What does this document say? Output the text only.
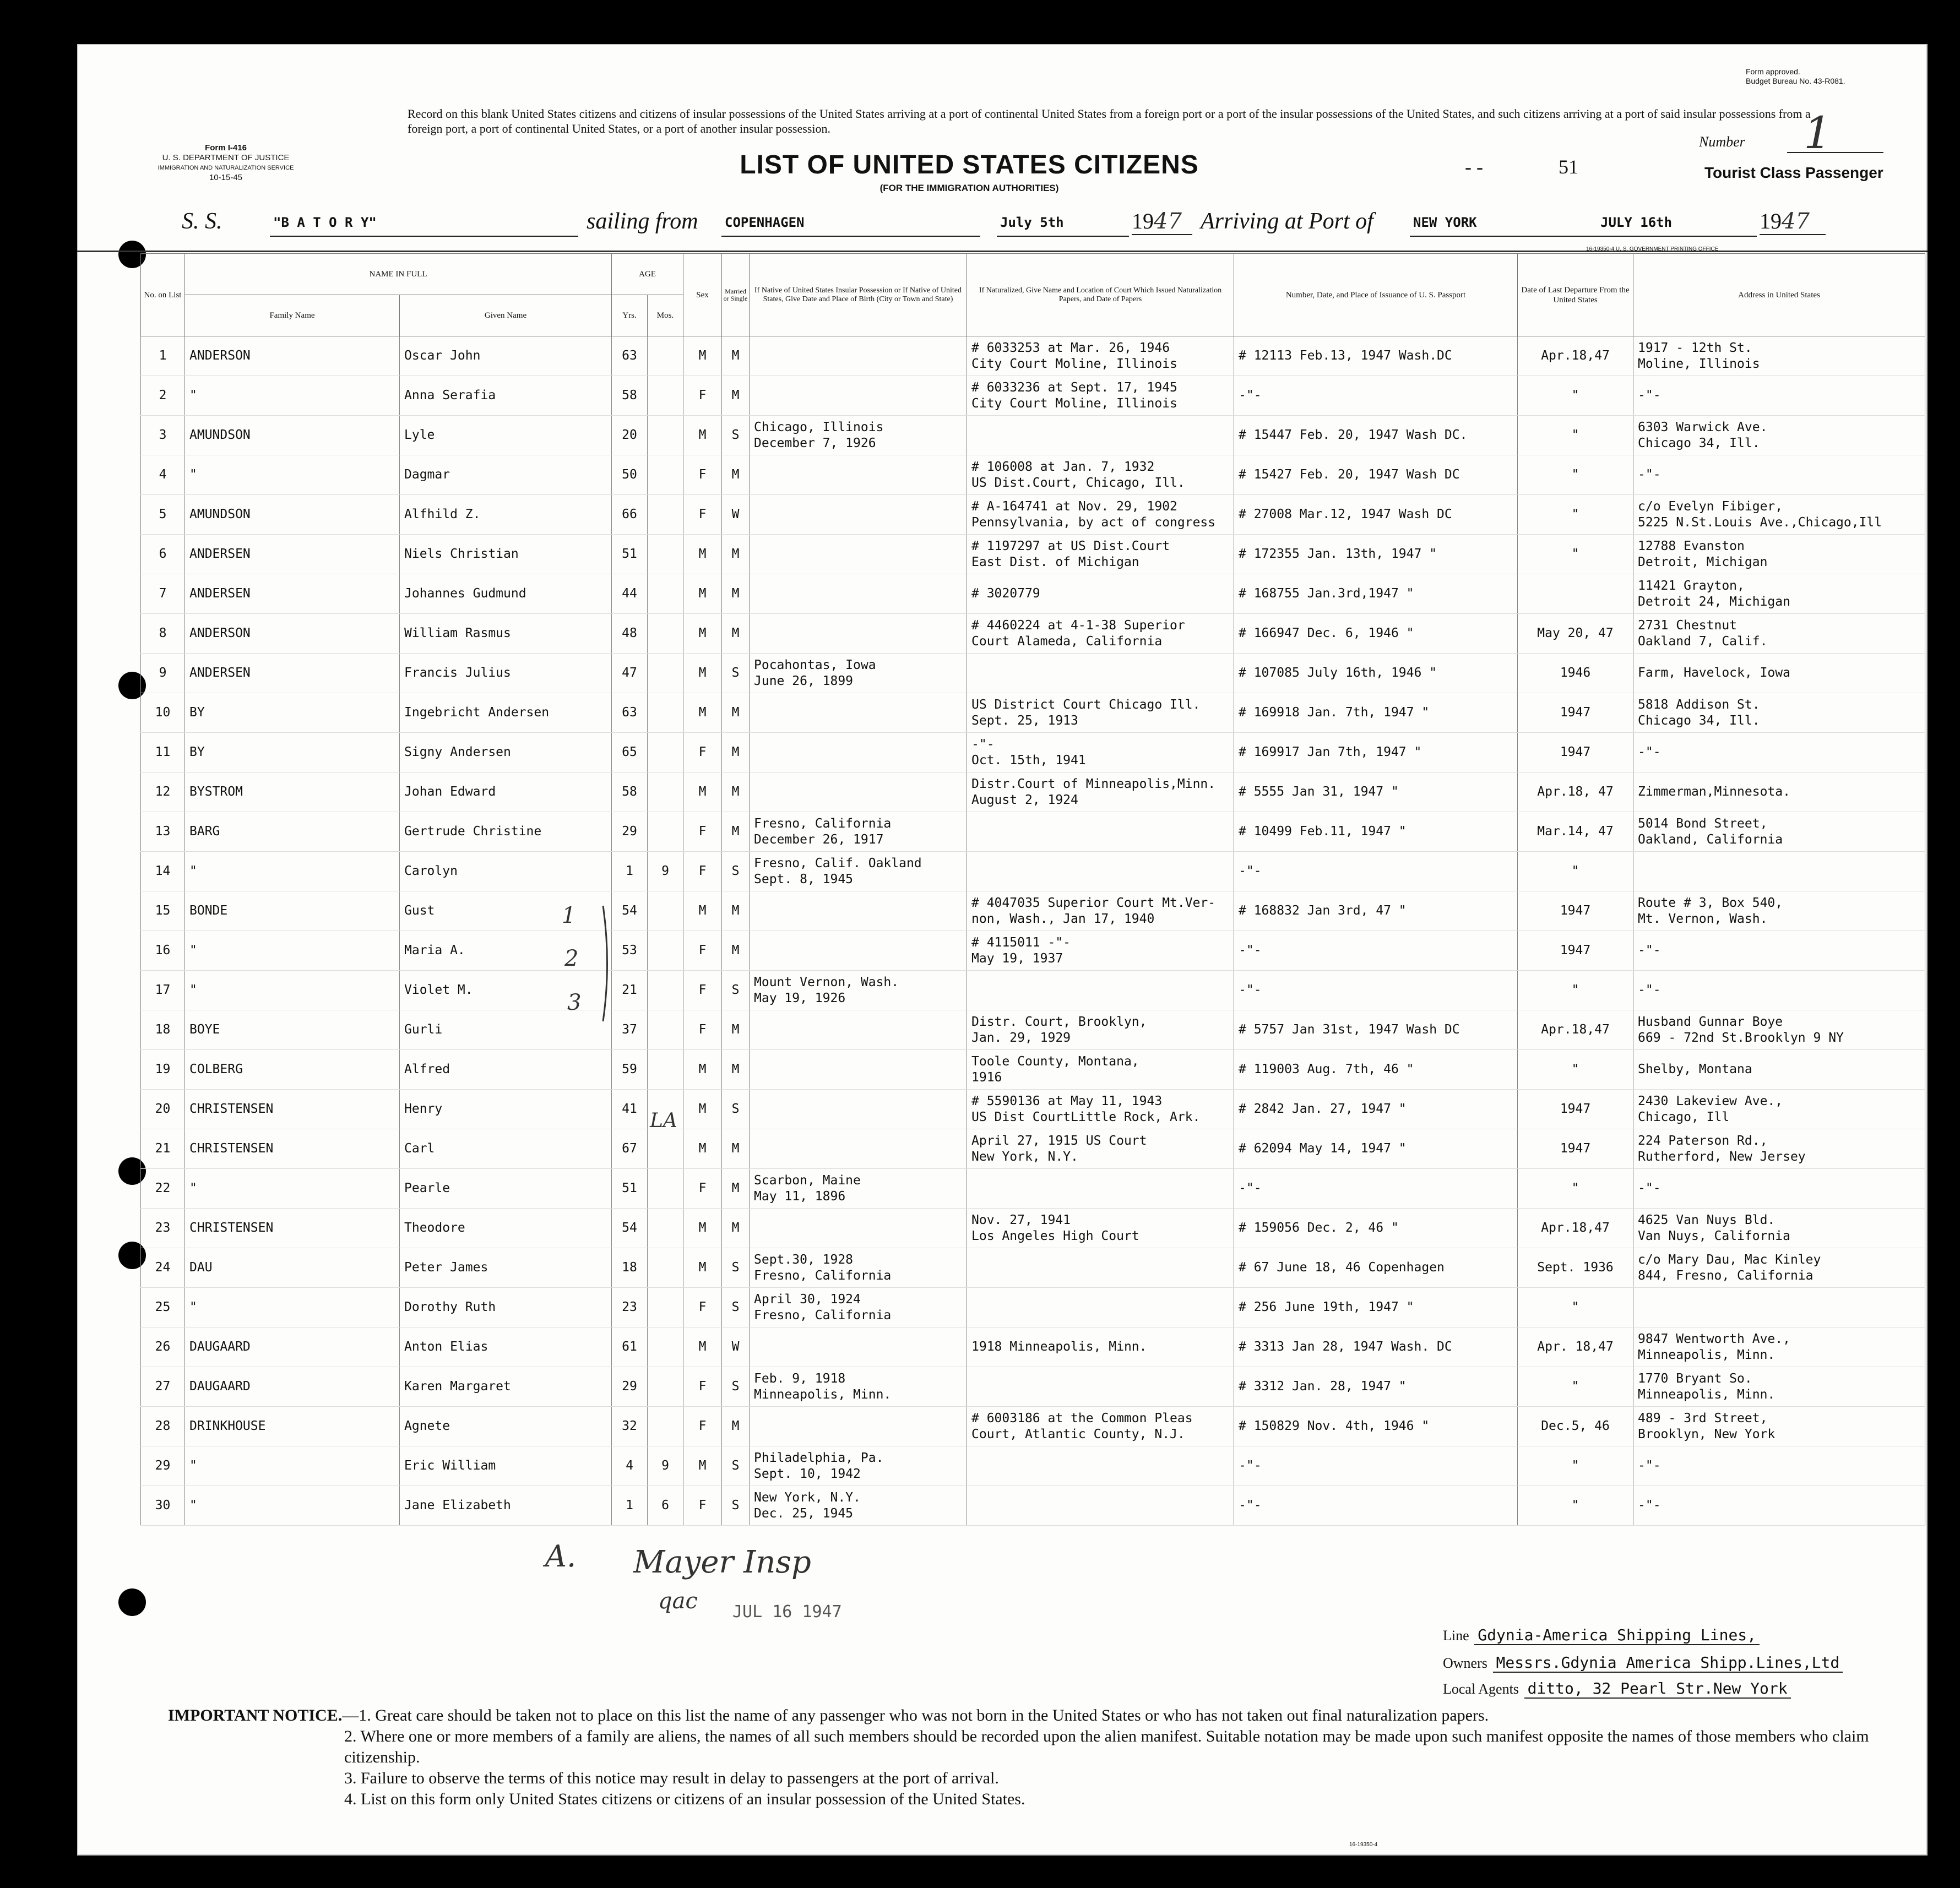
Form I-416
U. S. DEPARTMENT OF JUSTICE
IMMIGRATION AND NATURALIZATION SERVICE
10-15-45
Form approved.
Budget Bureau No. 43-R081.
Record on this blank United States citizens and citizens of insular possessions of the United States arriving at a port of continental United States from a foreign port or a port of the insular possessions of the United States, and such citizens arriving at a port of said insular possessions from a foreign port, a port of continental United States, or a port of another insular possession.
LIST OF UNITED STATES CITIZENS
(FOR THE IMMIGRATION AUTHORITIES)
Number 1
Tourist Class Passenger
- -	51
S. S.	"B A T O R Y"	sailing from COPENHAGEN	July 5th	1947 Arriving at Port of	NEW YORK	JULY 16th	1947
16-19350-4 U. S. GOVERNMENT PRINTING OFFICE
No. on List	NAME IN FULL		AGE		Sex	Married or Single	If Native of United States Insular Possession or If Native of United States, Give Date and Place of Birth (City or Town and State)	If Naturalized, Give Name and Location of Court Which Issued Naturalization Papers, and Date of Papers	Number, Date, and Place of Issuance of U. S. Passport	Date of Last Departure From the United States	Address in United States
	Family Name	Given Name	Yrs.	Mos.							
1	ANDERSON	Oscar John	63		M	M		# 6033253 at Mar. 26, 1946
City Court Moline, Illinois	# 12113 Feb.13, 1947 Wash.DC	Apr.18,47	1917 - 12th St.
Moline, Illinois
2	"	Anna Serafia	58		F	M		# 6033236 at Sept. 17, 1945
City Court Moline, Illinois	-"-	"	-"-
3	AMUNDSON	Lyle	20		M	S	Chicago, Illinois
December 7, 1926		# 15447 Feb. 20, 1947 Wash DC.	"	6303 Warwick Ave.
Chicago 34, Ill.
4	"	Dagmar	50		F	M		# 106008 at Jan. 7, 1932
US Dist.Court, Chicago, Ill.	# 15427 Feb. 20, 1947 Wash DC	"	-"-
5	AMUNDSON	Alfhild Z.	66		F	W		# A-164741 at Nov. 29, 1902
Pennsylvania, by act of congress	# 27008 Mar.12, 1947 Wash DC	"	c/o Evelyn Fibiger,
5225 N.St.Louis Ave.,Chicago,Ill
6	ANDERSEN	Niels Christian	51		M	M		# 1197297 at US Dist.Court
East Dist. of Michigan	# 172355 Jan. 13th, 1947 "	"	12788 Evanston
Detroit, Michigan
7	ANDERSEN	Johannes Gudmund	44		M	M		# 3020779	# 168755 Jan.3rd,1947 "		11421 Grayton,
Detroit 24, Michigan
8	ANDERSON	William Rasmus	48		M	M		# 4460224 at 4-1-38 Superior
Court Alameda, California	# 166947 Dec. 6, 1946 "	May 20, 47	2731 Chestnut
Oakland 7, Calif.
9	ANDERSEN	Francis Julius	47		M	S	Pocahontas, Iowa
June 26, 1899		# 107085 July 16th, 1946 "	1946	Farm, Havelock, Iowa
10	BY	Ingebricht Andersen	63		M	M		US District Court Chicago Ill.
Sept. 25, 1913	# 169918 Jan. 7th, 1947 "	1947	5818 Addison St.
Chicago 34, Ill.
11	BY	Signy Andersen	65		F	M		-"-
Oct. 15th, 1941	# 169917 Jan 7th, 1947 "	1947	-"-
12	BYSTROM	Johan Edward	58		M	M		Distr.Court of Minneapolis,Minn.
August 2, 1924	# 5555 Jan 31, 1947 "	Apr.18, 47	Zimmerman,Minnesota.
13	BARG	Gertrude Christine	29		F	M	Fresno, California
December 26, 1917		# 10499 Feb.11, 1947 "	Mar.14, 47	5014 Bond Street,
Oakland, California
14	"	Carolyn	1	9	F	S	Fresno, Calif. Oakland
Sept. 8, 1945		-"-	"	
15	BONDE	Gust	54		M	M		# 4047035 Superior Court Mt.Ver-
non, Wash., Jan 17, 1940	# 168832 Jan 3rd, 47 "	1947	Route # 3, Box 540,
Mt. Vernon, Wash.
16	"	Maria A.	53		F	M		# 4115011 -"-
May 19, 1937	-"-	1947	-"-
17	"	Violet M.	21		F	S	Mount Vernon, Wash.
May 19, 1926		-"-	"	-"-
18	BOYE	Gurli	37		F	M		Distr. Court, Brooklyn,
Jan. 29, 1929	# 5757 Jan 31st, 1947 Wash DC	Apr.18,47	Husband Gunnar Boye
669 - 72nd St.Brooklyn 9 NY
19	COLBERG	Alfred	59		M	M		Toole County, Montana,
1916	# 119003 Aug. 7th, 46 "	"	Shelby, Montana
20	CHRISTENSEN	Henry	41		M	S		# 5590136 at May 11, 1943
US Dist CourtLittle Rock, Ark.	# 2842 Jan. 27, 1947 "	1947	2430 Lakeview Ave.,
Chicago, Ill
21	CHRISTENSEN	Carl	67		M	M		April 27, 1915 US Court
New York, N.Y.	# 62094 May 14, 1947 "	1947	224 Paterson Rd.,
Rutherford, New Jersey
22	"	Pearle	51		F	M	Scarbon, Maine
May 11, 1896		-"-	"	-"-
23	CHRISTENSEN	Theodore	54		M	M		Nov. 27, 1941
Los Angeles High Court	# 159056 Dec. 2, 46 "	Apr.18,47	4625 Van Nuys Bld.
Van Nuys, California
24	DAU	Peter James	18		M	S	Sept.30, 1928
Fresno, California		# 67 June 18, 46 Copenhagen	Sept. 1936	c/o Mary Dau, Mac Kinley
844, Fresno, California
25	"	Dorothy Ruth	23		F	S	April 30, 1924
Fresno, California		# 256 June 19th, 1947 "	"	
26	DAUGAARD	Anton Elias	61		M	W		1918 Minneapolis, Minn.	# 3313 Jan 28, 1947 Wash. DC	Apr. 18,47	9847 Wentworth Ave.,
Minneapolis, Minn.
27	DAUGAARD	Karen Margaret	29		F	S	Feb. 9, 1918
Minneapolis, Minn.		# 3312 Jan. 28, 1947 "	"	1770 Bryant So.
Minneapolis, Minn.
28	DRINKHOUSE	Agnete	32		F	M		# 6003186 at the Common Pleas
Court, Atlantic County, N.J.	# 150829 Nov. 4th, 1946 "	Dec.5, 46	489 - 3rd Street,
Brooklyn, New York
29	"	Eric William	4	9	M	S	Philadelphia, Pa.
Sept. 10, 1942		-"-	"	-"-
30	"	Jane Elizabeth	1	6	F	S	New York, N.Y.
Dec. 25, 1945		-"-	"	-"-
1
2
3
LA
A. Mayer Insp
qac JUL 16 1947
Line Gdynia-America Shipping Lines,
Owners Messrs.Gdynia America Shipp.Lines,Ltd
Local Agents ditto, 32 Pearl Str.New York
IMPORTANT NOTICE.—1. Great care should be taken not to place on this list the name of any passenger who was not born in the United States or who has not taken out final naturalization papers.
2. Where one or more members of a family are aliens, the names of all such members should be recorded upon the alien manifest. Suitable notation may be made upon such manifest opposite the names of those members who claim citizenship.
3. Failure to observe the terms of this notice may result in delay to passengers at the port of arrival.
4. List on this form only United States citizens or citizens of an insular possession of the United States.
16-19350-4
